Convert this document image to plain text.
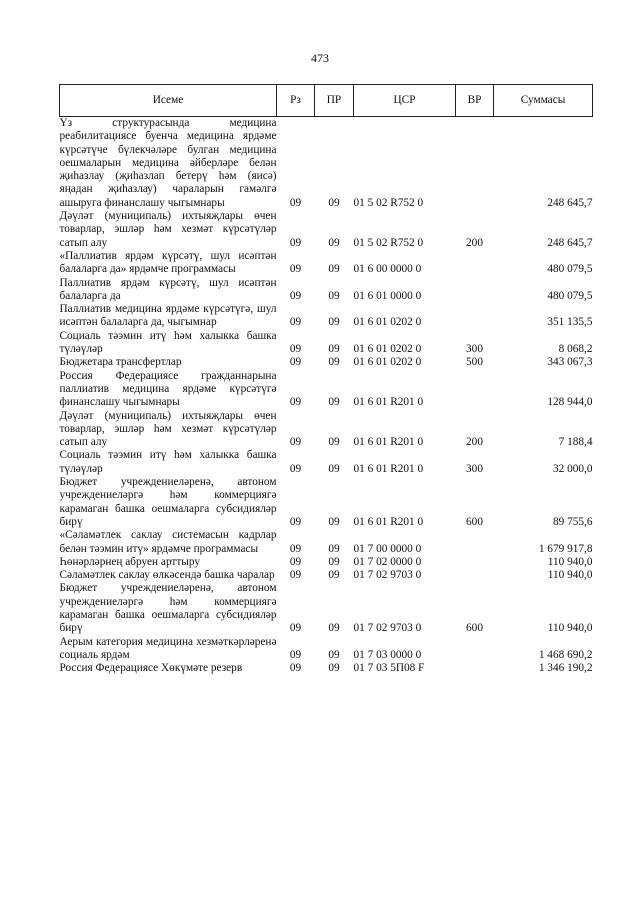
473
Исеме	Рз	ПР	ЦСР	ВР	Суммасы
Үз структурасында медицина реабилитациясе буенча медицина ярдәме күрсәтүче бүлекчәләре булган медицина оешмаларын медицина әйберләре белән җиһазлау (җиһазлап бетерү һәм (яисә) яңадан җиһазлау) чараларын гамәлгә ашыруга финанслашу чыгымнары	09	09	01 5 02 R752 0		248 645,7
Дәүләт (муниципаль) ихтыяҗлары өчен товарлар, эшләр һәм хезмәт күрсәтүләр сатып алу	09	09	01 5 02 R752 0	200	248 645,7
«Паллиатив ярдәм күрсәтү, шул исәптән балаларга да» ярдәмче программасы	09	09	01 6 00 0000 0		480 079,5
Паллиатив ярдәм күрсәтү, шул исәптән балаларга да	09	09	01 6 01 0000 0		480 079,5
Паллиатив медицина ярдәме күрсәтүгә, шул исәптән балаларга да, чыгымнар	09	09	01 6 01 0202 0		351 135,5
Социаль тәэмин итү һәм халыкка башка түләүләр	09	09	01 6 01 0202 0	300	8 068,2
Бюджетара трансфертлар	09	09	01 6 01 0202 0	500	343 067,3
Россия Федерациясе гражданнарына паллиатив медицина ярдәме күрсәтүгә финанслашу чыгымнары	09	09	01 6 01 R201 0		128 944,0
Дәүләт (муниципаль) ихтыяҗлары өчен товарлар, эшләр һәм хезмәт күрсәтүләр сатып алу	09	09	01 6 01 R201 0	200	7 188,4
Социаль тәэмин итү һәм халыкка башка түләүләр	09	09	01 6 01 R201 0	300	32 000,0
Бюджет учреждениеләренә, автоном учреждениеләргә һәм коммерциягә карамаган башка оешмаларга субсидияләр бирү	09	09	01 6 01 R201 0	600	89 755,6
«Сәламәтлек саклау системасын кадрлар белән тәэмин итү» ярдәмче программасы	09	09	01 7 00 0000 0		1 679 917,8
Һөнәрләрнең абруен арттыру	09	09	01 7 02 0000 0		110 940,0
Сәламәтлек саклау өлкәсендә башка чаралар	09	09	01 7 02 9703 0		110 940,0
Бюджет учреждениеләренә, автоном учреждениеләргә һәм коммерциягә карамаган башка оешмаларга субсидияләр бирү	09	09	01 7 02 9703 0	600	110 940,0
Аерым категория медицина хезмәткәрләренә социаль ярдәм	09	09	01 7 03 0000 0		1 468 690,2
Россия Федерациясе Хөкүмәте резерв	09	09	01 7 03 5П08 F		1 346 190,2
